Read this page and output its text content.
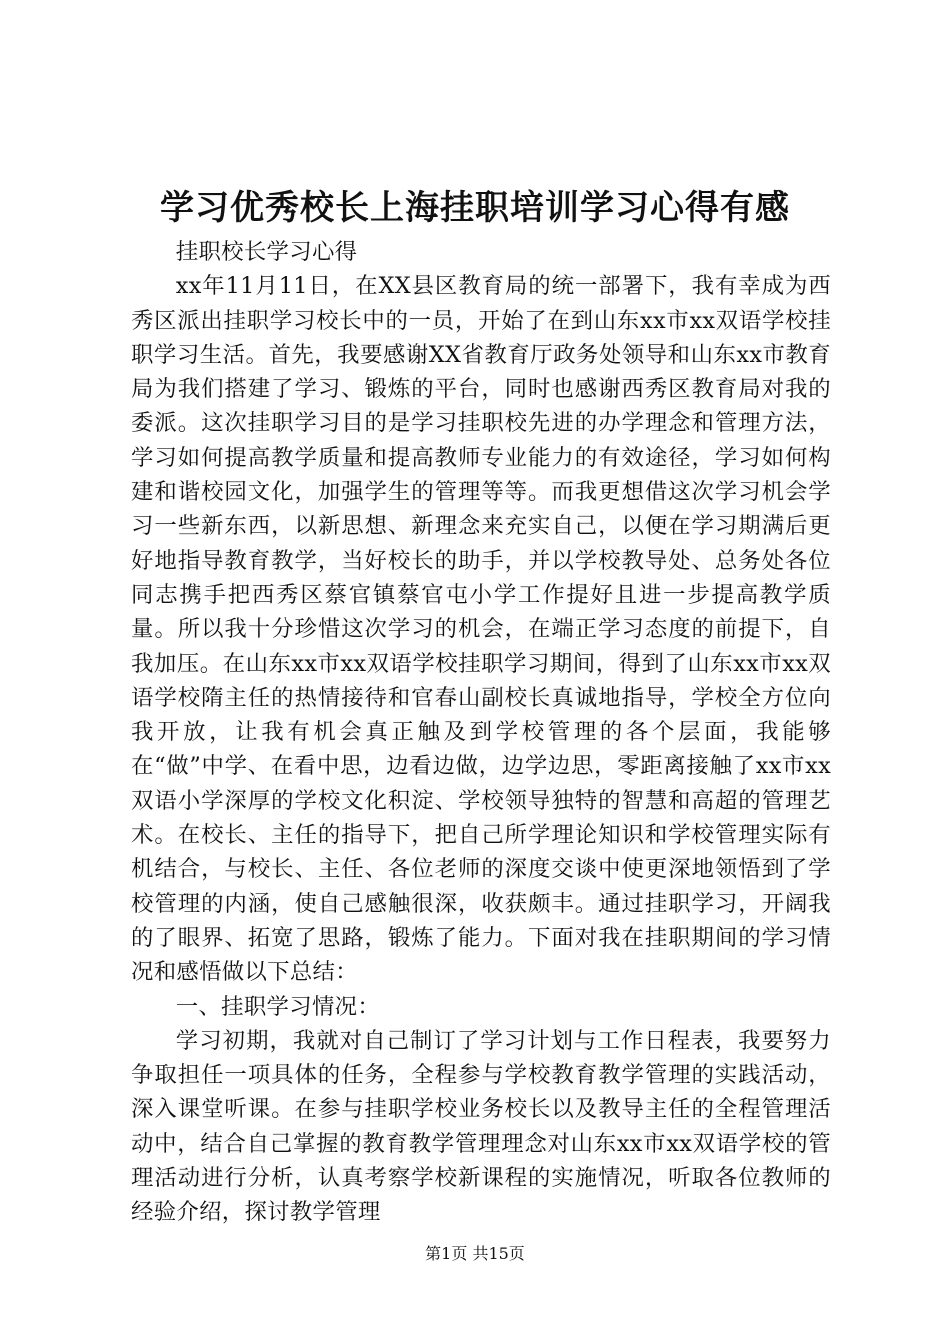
学习优秀校长上海挂职培训学习心得有感

挂职校长学习心得

xx年11月11日，在XX县区教育局的统一部署下，我有幸成为西秀区派出挂职学习校长中的一员，开始了在到山东xx市xx双语学校挂职学习生活。首先，我要感谢XX省教育厅政务处领导和山东xx市教育局为我们搭建了学习、锻炼的平台，同时也感谢西秀区教育局对我的委派。这次挂职学习目的是学习挂职校先进的办学理念和管理方法，学习如何提高教学质量和提高教师专业能力的有效途径，学习如何构建和谐校园文化，加强学生的管理等等。而我更想借这次学习机会学习一些新东西，以新思想、新理念来充实自己，以便在学习期满后更好地指导教育教学，当好校长的助手，并以学校教导处、总务处各位同志携手把西秀区蔡官镇蔡官屯小学工作提好且进一步提高教学质量。所以我十分珍惜这次学习的机会，在端正学习态度的前提下，自我加压。在山东xx市xx双语学校挂职学习期间，得到了山东xx市xx双语学校隋主任的热情接待和官春山副校长真诚地指导，学校全方位向我开放，让我有机会真正触及到学校管理的各个层面，我能够在“做”中学、在看中思，边看边做，边学边思，零距离接触了xx市xx双语小学深厚的学校文化积淀、学校领导独特的智慧和高超的管理艺术。在校长、主任的指导下，把自己所学理论知识和学校管理实际有机结合，与校长、主任、各位老师的深度交谈中使更深地领悟到了学校管理的内涵，使自己感触很深，收获颇丰。通过挂职学习，开阔我的了眼界、拓宽了思路，锻炼了能力。下面对我在挂职期间的学习情况和感悟做以下总结：

一、挂职学习情况：

学习初期，我就对自己制订了学习计划与工作日程表，我要努力争取担任一项具体的任务，全程参与学校教育教学管理的实践活动，深入课堂听课。在参与挂职学校业务校长以及教导主任的全程管理活动中，结合自己掌握的教育教学管理理念对山东xx市xx双语学校的管理活动进行分析，认真考察学校新课程的实施情况，听取各位教师的经验介绍，探讨教学管理

第1页 共15页
